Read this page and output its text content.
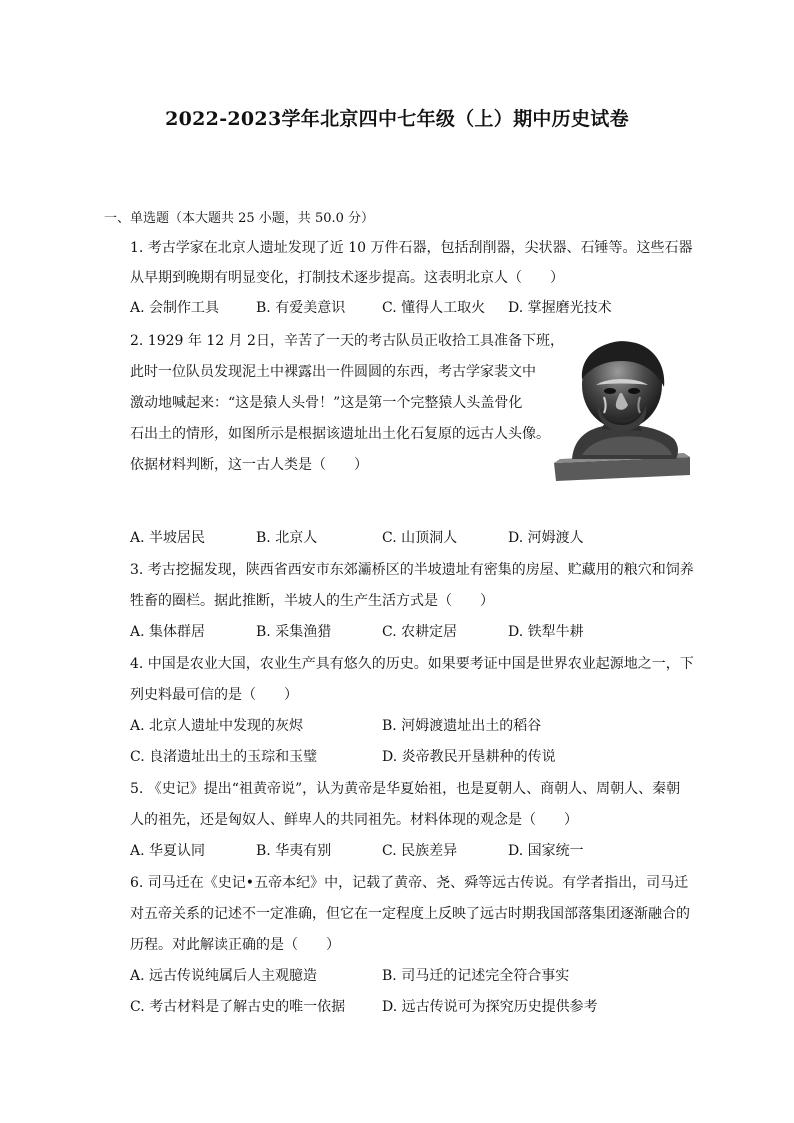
2022-2023学年北京四中七年级（上）期中历史试卷
一、单选题（本大题共 25 小题，共 50.0 分）
1. 考古学家在北京人遗址发现了近 10 万件石器，包括刮削器，尖状器、石锤等。这些石器
从早期到晚期有明显变化，打制技术逐步提高。这表明北京人（　　）
A. 会制作工具	B. 有爱美意识	C. 懂得人工取火 D. 掌握磨光技术
2. 1929 年 12 月 2日，辛苦了一天的考古队员正收拾工具准备下班，
此时一位队员发现泥土中裸露出一件圆圆的东西，考古学家裴文中
激动地喊起来：“这是猿人头骨！”这是第一个完整猿人头盖骨化
石出土的情形，如图所示是根据该遗址出土化石复原的远古人头像。
依据材料判断，这一古人类是（　　）
A. 半坡居民	B. 北京人	C. 山顶洞人	D. 河姆渡人
3. 考古挖掘发现，陕西省西安市东郊灞桥区的半坡遗址有密集的房屋、贮藏用的粮穴和饲养
牲畜的圈栏。据此推断，半坡人的生产生活方式是（　　）
A. 集体群居	B. 采集渔猎	C. 农耕定居	D. 铁犁牛耕
4. 中国是农业大国，农业生产具有悠久的历史。如果要考证中国是世界农业起源地之一，下
列史料最可信的是（　　）
A. 北京人遗址中发现的灰烬	B. 河姆渡遗址出土的稻谷
C. 良渚遗址出土的玉琮和玉璧	D. 炎帝教民开垦耕种的传说
5. 《史记》提出“祖黄帝说”，认为黄帝是华夏始祖，也是夏朝人、商朝人、周朝人、秦朝
人的祖先，还是匈奴人、鲜卑人的共同祖先。材料体现的观念是（　　）
A. 华夏认同	B. 华夷有别	C. 民族差异	D. 国家统一
6. 司马迁在《史记•五帝本纪》中，记载了黄帝、尧、舜等远古传说。有学者指出，司马迁
对五帝关系的记述不一定准确，但它在一定程度上反映了远古时期我国部落集团逐渐融合的
历程。对此解读正确的是（　　）
A. 远古传说纯属后人主观臆造	B. 司马迁的记述完全符合事实
C. 考古材料是了解古史的唯一依据	D. 远古传说可为探究历史提供参考
